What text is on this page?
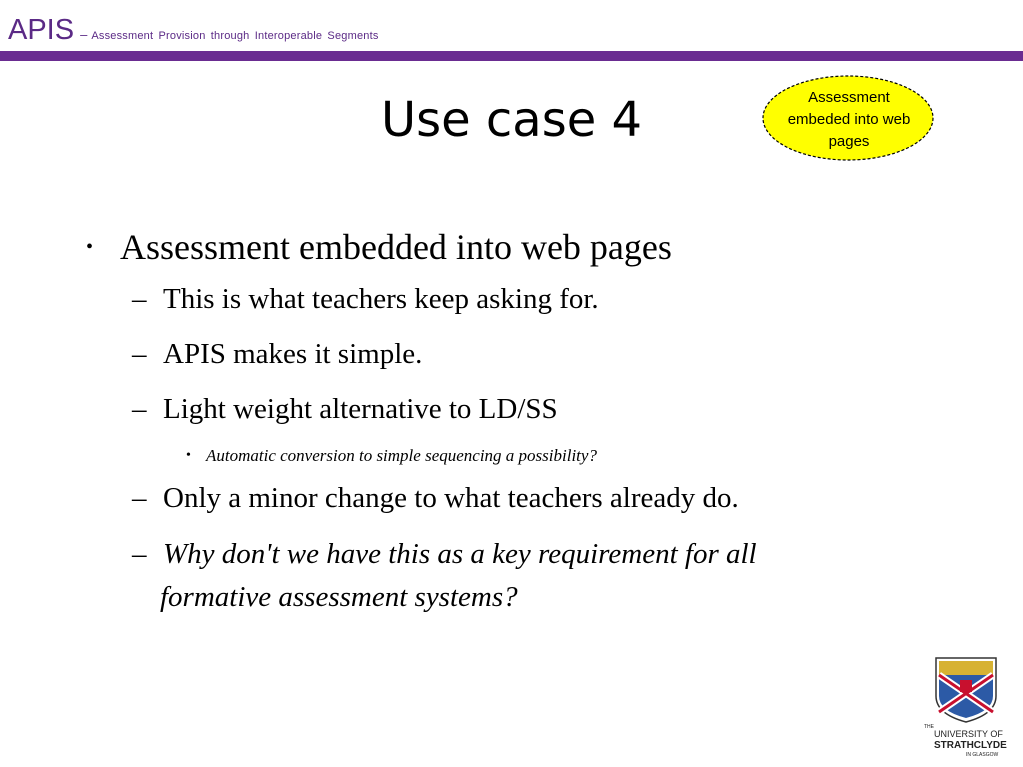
APIS – Assessment Provision through Interoperable Segments
Use case 4	Assessment
embeded into web
pages
• Assessment embedded into web pages
– This is what teachers keep asking for.
– APIS makes it simple.
– Light weight alternative to LD/SS
• Automatic conversion to simple sequencing a possibility?
– Only a minor change to what teachers already do.
– Why don't we have this as a key requirement for all
formative assessment systems?
THE
UNIVERSITY OF
STRATHCLYDE
IN GLASGOW
